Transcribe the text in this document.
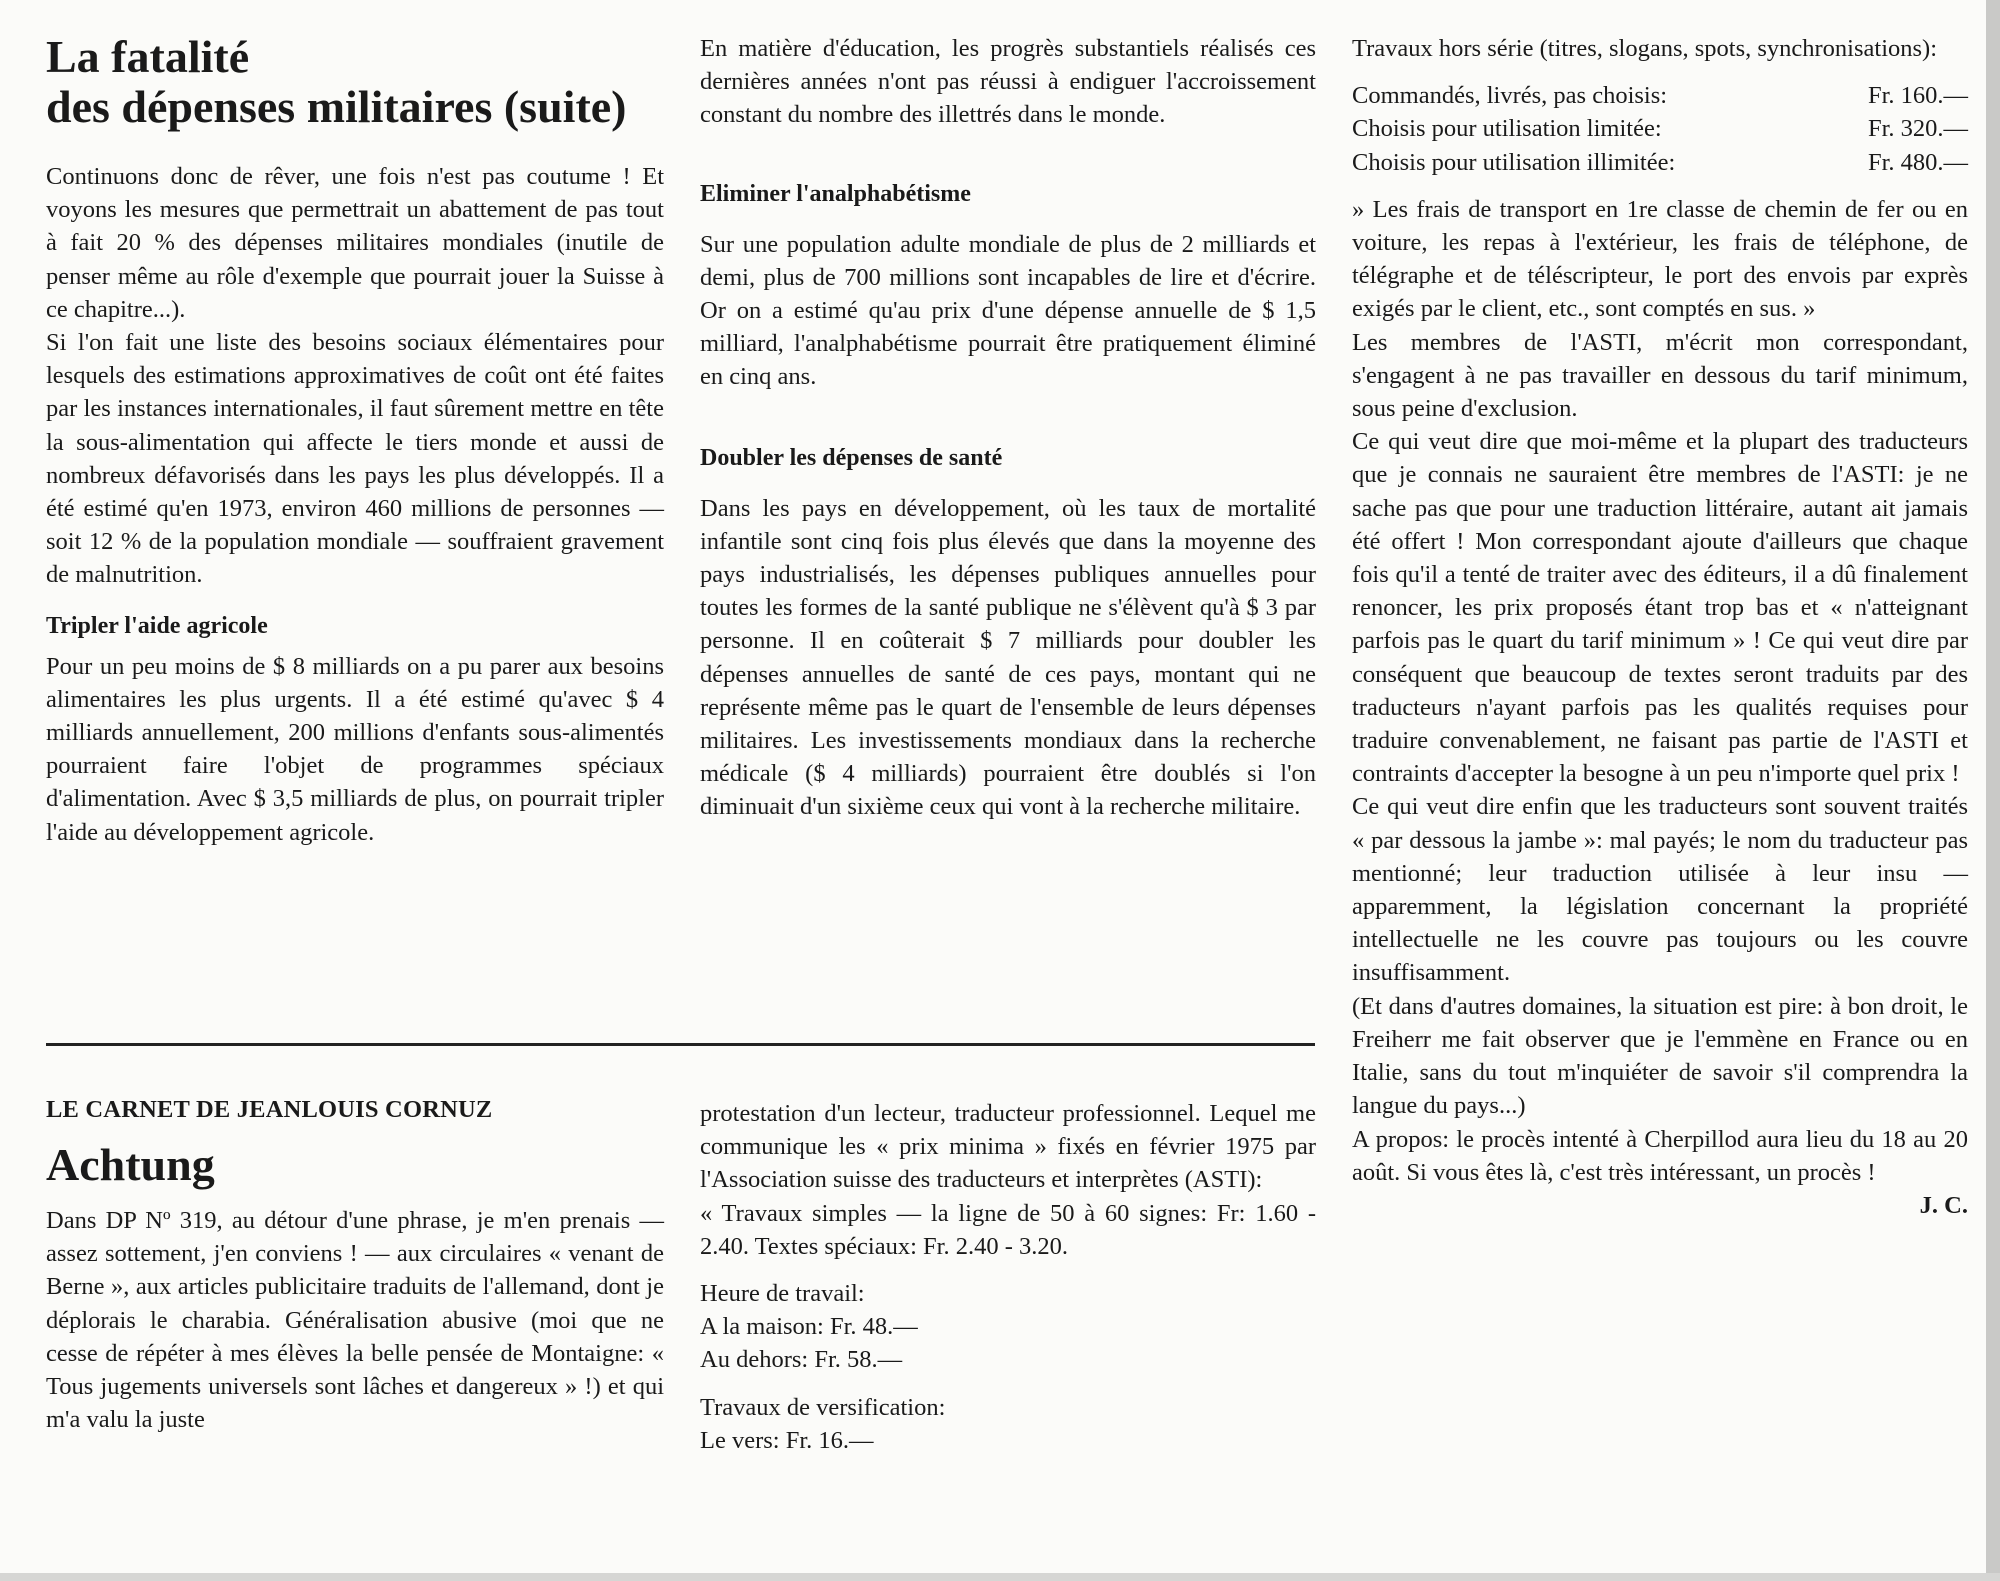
La fatalité
des dépenses militaires (suite)

Continuons donc de rêver, une fois n'est pas coutume ! Et voyons les mesures que permettrait un abattement de pas tout à fait 20 % des dépenses militaires mondiales (inutile de penser même au rôle d'exemple que pourrait jouer la Suisse à ce chapitre...).

Si l'on fait une liste des besoins sociaux élémentaires pour lesquels des estimations approximatives de coût ont été faites par les instances internationales, il faut sûrement mettre en tête la sous-alimentation qui affecte le tiers monde et aussi de nombreux défavorisés dans les pays les plus développés. Il a été estimé qu'en 1973, environ 460 millions de personnes — soit 12 % de la population mondiale — souffraient gravement de malnutrition.

Tripler l'aide agricole

Pour un peu moins de $ 8 milliards on a pu parer aux besoins alimentaires les plus urgents. Il a été estimé qu'avec $ 4 milliards annuellement, 200 millions d'enfants sous-alimentés pourraient faire l'objet de programmes spéciaux d'alimentation. Avec $ 3,5 milliards de plus, on pourrait tripler l'aide au développement agricole.

En matière d'éducation, les progrès substantiels réalisés ces dernières années n'ont pas réussi à endiguer l'accroissement constant du nombre des illettrés dans le monde.

Eliminer l'analphabétisme

Sur une population adulte mondiale de plus de 2 milliards et demi, plus de 700 millions sont incapables de lire et d'écrire. Or on a estimé qu'au prix d'une dépense annuelle de $ 1,5 milliard, l'analphabétisme pourrait être pratiquement éliminé en cinq ans.

Doubler les dépenses de santé

Dans les pays en développement, où les taux de mortalité infantile sont cinq fois plus élevés que dans la moyenne des pays industrialisés, les dépenses publiques annuelles pour toutes les formes de la santé publique ne s'élèvent qu'à $ 3 par personne. Il en coûterait $ 7 milliards pour doubler les dépenses annuelles de santé de ces pays, montant qui ne représente même pas le quart de l'ensemble de leurs dépenses militaires. Les investissements mondiaux dans la recherche médicale ($ 4 milliards) pourraient être doublés si l'on diminuait d'un sixième ceux qui vont à la recherche militaire.

LE CARNET DE JEANLOUIS CORNUZ
Achtung

Dans DP Nº 319, au détour d'une phrase, je m'en prenais — assez sottement, j'en conviens ! — aux circulaires « venant de Berne », aux articles publicitaire traduits de l'allemand, dont je déplorais le charabia. Généralisation abusive (moi que ne cesse de répéter à mes élèves la belle pensée de Montaigne: « Tous jugements universels sont lâches et dangereux » !) et qui m'a valu la juste

protestation d'un lecteur, traducteur professionnel. Lequel me communique les « prix minima » fixés en février 1975 par l'Association suisse des traducteurs et interprètes (ASTI):

« Travaux simples — la ligne de 50 à 60 signes: Fr: 1.60 - 2.40. Textes spéciaux: Fr. 2.40 - 3.20.

Heure de travail:
A la maison: Fr. 48.—
Au dehors: Fr. 58.—
Travaux de versification:
Le vers: Fr. 16.—

Travaux hors série (titres, slogans, spots, synchronisations):

Commandés, livrés, pas choisis:	Fr. 160.—
Choisis pour utilisation limitée:	Fr. 320.—
Choisis pour utilisation illimitée:	Fr. 480.—

» Les frais de transport en 1re classe de chemin de fer ou en voiture, les repas à l'extérieur, les frais de téléphone, de télégraphe et de téléscripteur, le port des envois par exprès exigés par le client, etc., sont comptés en sus. »

Les membres de l'ASTI, m'écrit mon correspondant, s'engagent à ne pas travailler en dessous du tarif minimum, sous peine d'exclusion.

Ce qui veut dire que moi-même et la plupart des traducteurs que je connais ne sauraient être membres de l'ASTI: je ne sache pas que pour une traduction littéraire, autant ait jamais été offert ! Mon correspondant ajoute d'ailleurs que chaque fois qu'il a tenté de traiter avec des éditeurs, il a dû finalement renoncer, les prix proposés étant trop bas et « n'atteignant parfois pas le quart du tarif minimum » ! Ce qui veut dire par conséquent que beaucoup de textes seront traduits par des traducteurs n'ayant parfois pas les qualités requises pour traduire convenablement, ne faisant pas partie de l'ASTI et contraints d'accepter la besogne à un peu n'importe quel prix !

Ce qui veut dire enfin que les traducteurs sont souvent traités « par dessous la jambe »: mal payés; le nom du traducteur pas mentionné; leur traduction utilisée à leur insu — apparemment, la législation concernant la propriété intellectuelle ne les couvre pas toujours ou les couvre insuffisamment.

(Et dans d'autres domaines, la situation est pire: à bon droit, le Freiherr me fait observer que je l'emmène en France ou en Italie, sans du tout m'inquiéter de savoir s'il comprendra la langue du pays...)

A propos: le procès intenté à Cherpillod aura lieu du 18 au 20 août. Si vous êtes là, c'est très intéressant, un procès !

J. C.
